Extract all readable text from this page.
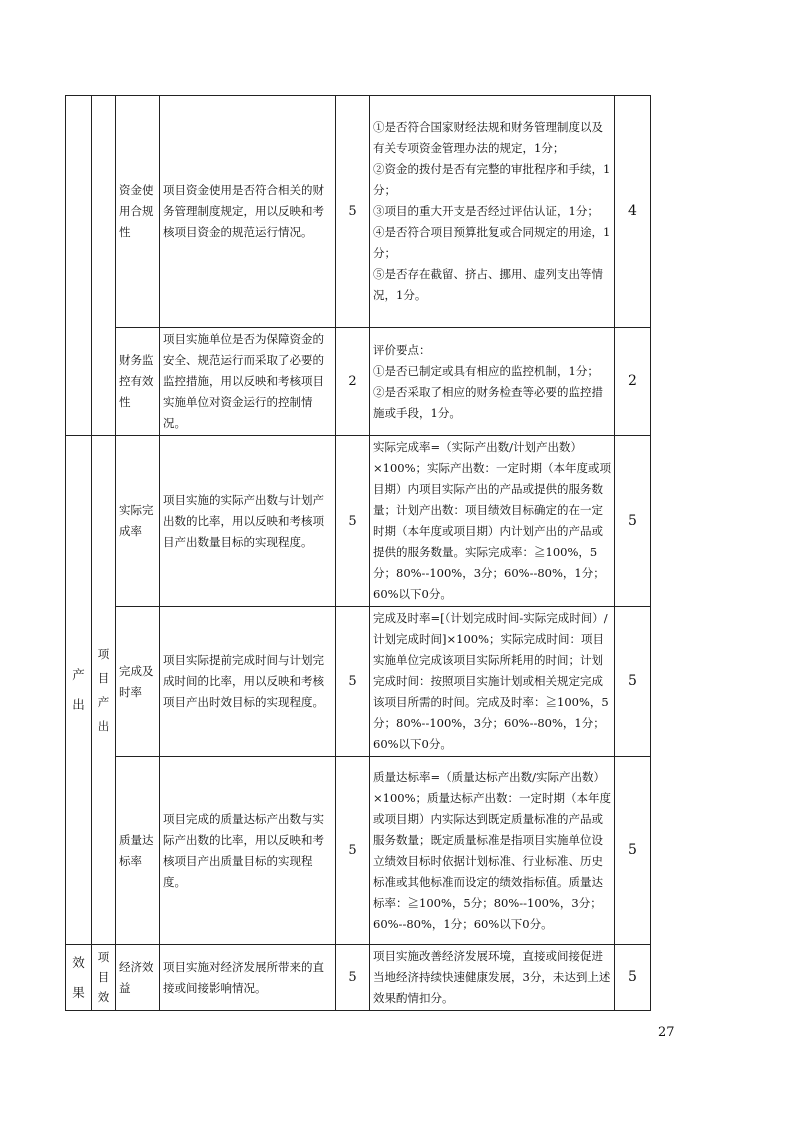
		资金使用合规性	项目资金使用是否符合相关的财务管理制度规定，用以反映和考核项目资金的规范运行情况。	5	①是否符合国家财经法规和财务管理制度以及有关专项资金管理办法的规定，1分；
②资金的拨付是否有完整的审批程序和手续，1分；
③项目的重大开支是否经过评估认证，1分；
④是否符合项目预算批复或合同规定的用途，1分；
⑤是否存在截留、挤占、挪用、虚列支出等情况，1分。	4
		财务监控有效性	项目实施单位是否为保障资金的安全、规范运行而采取了必要的监控措施，用以反映和考核项目实施单位对资金运行的控制情况。	2	评价要点：
①是否已制定或具有相应的监控机制，1分；
②是否采取了相应的财务检查等必要的监控措施或手段，1分。	2
产出	项目产出	实际完成率	项目实施的实际产出数与计划产出数的比率，用以反映和考核项目产出数量目标的实现程度。	5	实际完成率=（实际产出数/计划产出数）×100%；实际产出数：一定时期（本年度或项目期）内项目实际产出的产品或提供的服务数量；计划产出数：项目绩效目标确定的在一定时期（本年度或项目期）内计划产出的产品或提供的服务数量。实际完成率：≧100%，5分；80%--100%，3分；60%--80%，1分；60%以下0分。	5
		完成及时率	项目实际提前完成时间与计划完成时间的比率，用以反映和考核项目产出时效目标的实现程度。	5	完成及时率=[（计划完成时间-实际完成时间）/计划完成时间]×100%；实际完成时间：项目实施单位完成该项目实际所耗用的时间；计划完成时间：按照项目实施计划或相关规定完成该项目所需的时间。完成及时率：≧100%，5分；80%--100%，3分；60%--80%，1分；60%以下0分。	5
		质量达标率	项目完成的质量达标产出数与实际产出数的比率，用以反映和考核项目产出质量目标的实现程度。	5	质量达标率=（质量达标产出数/实际产出数）×100%；质量达标产出数：一定时期（本年度或项目期）内实际达到既定质量标准的产品或服务数量；既定质量标准是指项目实施单位设立绩效目标时依据计划标准、行业标准、历史标准或其他标准而设定的绩效指标值。质量达标率：≧100%，5分；80%--100%，3分；60%--80%，1分；60%以下0分。	5
效果	项目效	经济效益	项目实施对经济发展所带来的直接或间接影响情况。	5	项目实施改善经济发展环境，直接或间接促进当地经济持续快速健康发展，3分，未达到上述效果酌情扣分。	5
27
